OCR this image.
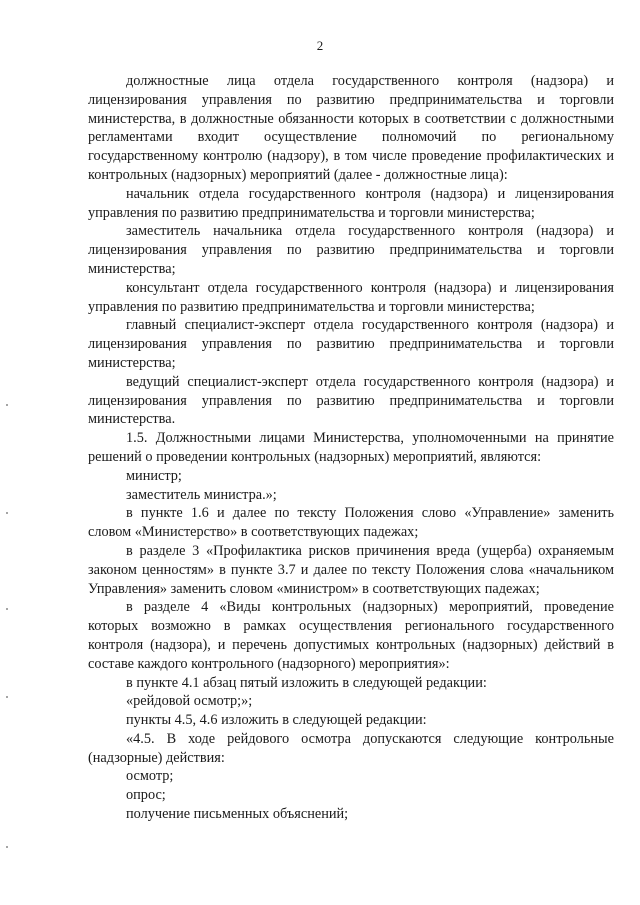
2

должностные лица отдела государственного контроля (надзора) и лицензирования управления по развитию предпринимательства и торговли министерства, в должностные обязанности которых в соответствии с должностными регламентами входит осуществление полномочий по региональному государственному контролю (надзору), в том числе проведение профилактических и контрольных (надзорных) мероприятий (далее - должностные лица):

начальник отдела государственного контроля (надзора) и лицензирования управления по развитию предпринимательства и торговли министерства;

заместитель начальника отдела государственного контроля (надзора) и лицензирования управления по развитию предпринимательства и торговли министерства;

консультант отдела государственного контроля (надзора) и лицензирования управления по развитию предпринимательства и торговли министерства;

главный специалист-эксперт отдела государственного контроля (надзора) и лицензирования управления по развитию предпринимательства и торговли министерства;

ведущий специалист-эксперт отдела государственного контроля (надзора) и лицензирования управления по развитию предпринимательства и торговли министерства.

1.5. Должностными лицами Министерства, уполномоченными на принятие решений о проведении контрольных (надзорных) мероприятий, являются:

министр;

заместитель министра.»;

в пункте 1.6 и далее по тексту Положения слово «Управление» заменить словом «Министерство» в соответствующих падежах;

в разделе 3 «Профилактика рисков причинения вреда (ущерба) охраняемым законом ценностям» в пункте 3.7 и далее по тексту Положения слова «начальником Управления» заменить словом «министром» в соответствующих падежах;

в разделе 4 «Виды контрольных (надзорных) мероприятий, проведение которых возможно в рамках осуществления регионального государственного контроля (надзора), и перечень допустимых контрольных (надзорных) действий в составе каждого контрольного (надзорного) мероприятия»:

в пункте 4.1 абзац пятый изложить в следующей редакции:

«рейдовой осмотр;»;

пункты 4.5, 4.6 изложить в следующей редакции:

«4.5. В ходе рейдового осмотра допускаются следующие контрольные (надзорные) действия:

осмотр;

опрос;

получение письменных объяснений;
